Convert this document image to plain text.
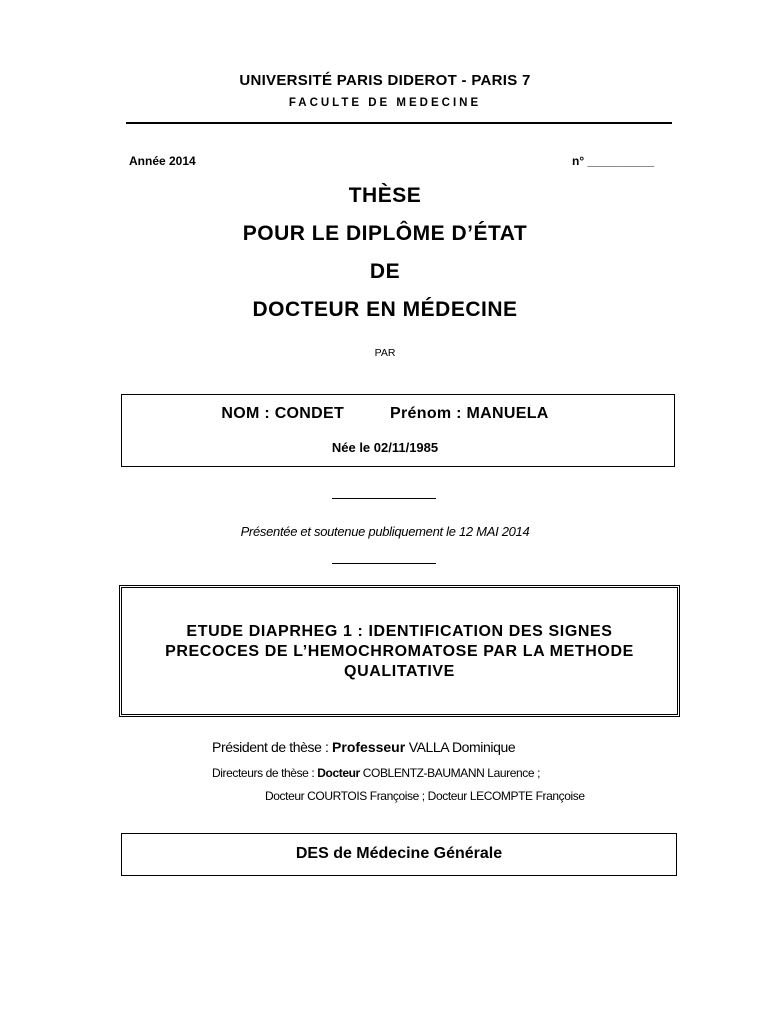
UNIVERSITÉ PARIS DIDEROT - PARIS 7
FACULTE DE MEDECINE
Année 2014	n° __________
THÈSE
POUR LE DIPLÔME D’ÉTAT
DE
DOCTEUR EN MÉDECINE
PAR
NOM : CONDET	Prénom : MANUELA
Née le 02/11/1985
Présentée et soutenue publiquement le 12 MAI 2014
ETUDE DIAPRHEG 1 : IDENTIFICATION DES SIGNES
PRECOCES DE L’HEMOCHROMATOSE PAR LA METHODE
QUALITATIVE
Président de thèse : Professeur VALLA Dominique
Directeurs de thèse : Docteur COBLENTZ-BAUMANN Laurence ;
Docteur COURTOIS Françoise ; Docteur LECOMPTE Françoise
DES de Médecine Générale
